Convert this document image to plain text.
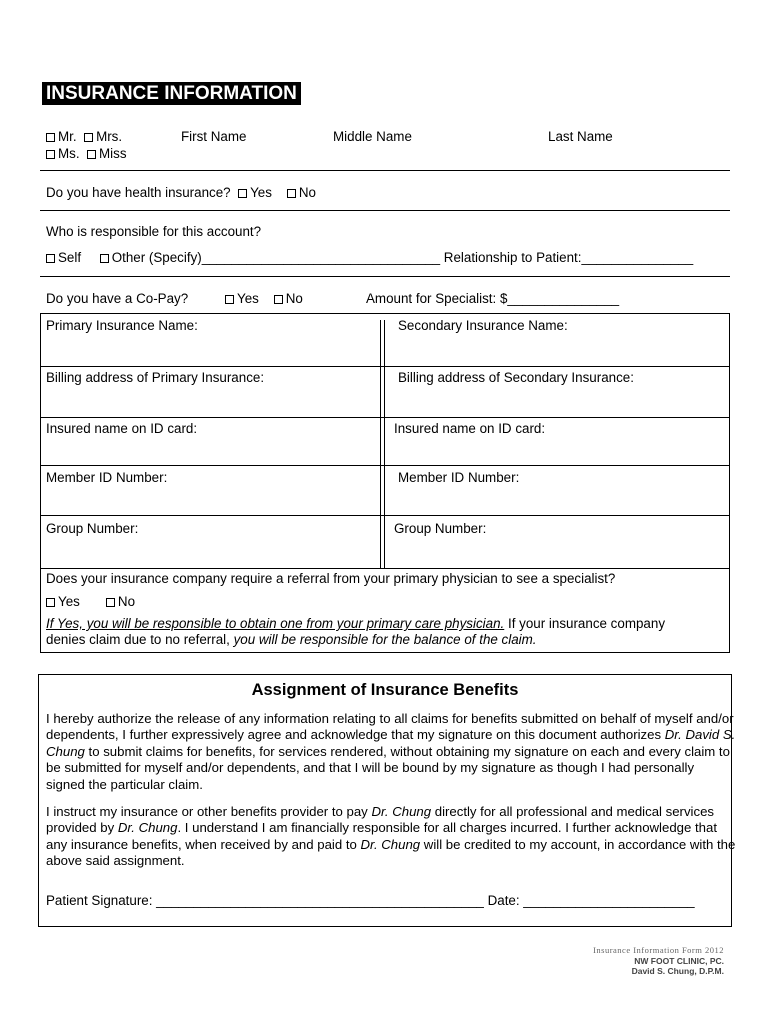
INSURANCE INFORMATION
Mr. Mrs.
Ms. Miss
First Name	Middle Name	Last Name
Do you have health insurance? Yes No
Who is responsible for this account?
Self Other (Specify)________________________________ Relationship to Patient:_______________
Do you have a Co-Pay?	Yes No	Amount for Specialist: $_______________
Primary Insurance Name:	Secondary Insurance Name:
Billing address of Primary Insurance:	Billing address of Secondary Insurance:
Insured name on ID card:	Insured name on ID card:
Member ID Number:	Member ID Number:
Group Number:	Group Number:
Does your insurance company require a referral from your primary physician to see a specialist?
Yes	No
If Yes, you will be responsible to obtain one from your primary care physician. If your insurance company
denies claim due to no referral, you will be responsible for the balance of the claim.
Assignment of Insurance Benefits
I hereby authorize the release of any information relating to all claims for benefits submitted on behalf of myself and/or dependents, I further expressively agree and acknowledge that my signature on this document authorizes Dr. David S. Chung to submit claims for benefits, for services rendered, without obtaining my signature on each and every claim to be submitted for myself and/or dependents, and that I will be bound by my signature as though I had personally signed the particular claim.
I instruct my insurance or other benefits provider to pay Dr. Chung directly for all professional and medical services provided by Dr. Chung. I understand I am financially responsible for all charges incurred. I further acknowledge that any insurance benefits, when received by and paid to Dr. Chung will be credited to my account, in accordance with the above said assignment.
Patient Signature: ____________________________________________ Date: _______________________
Insurance Information Form 2012
NW FOOT CLINIC, PC.
David S. Chung, D.P.M.
